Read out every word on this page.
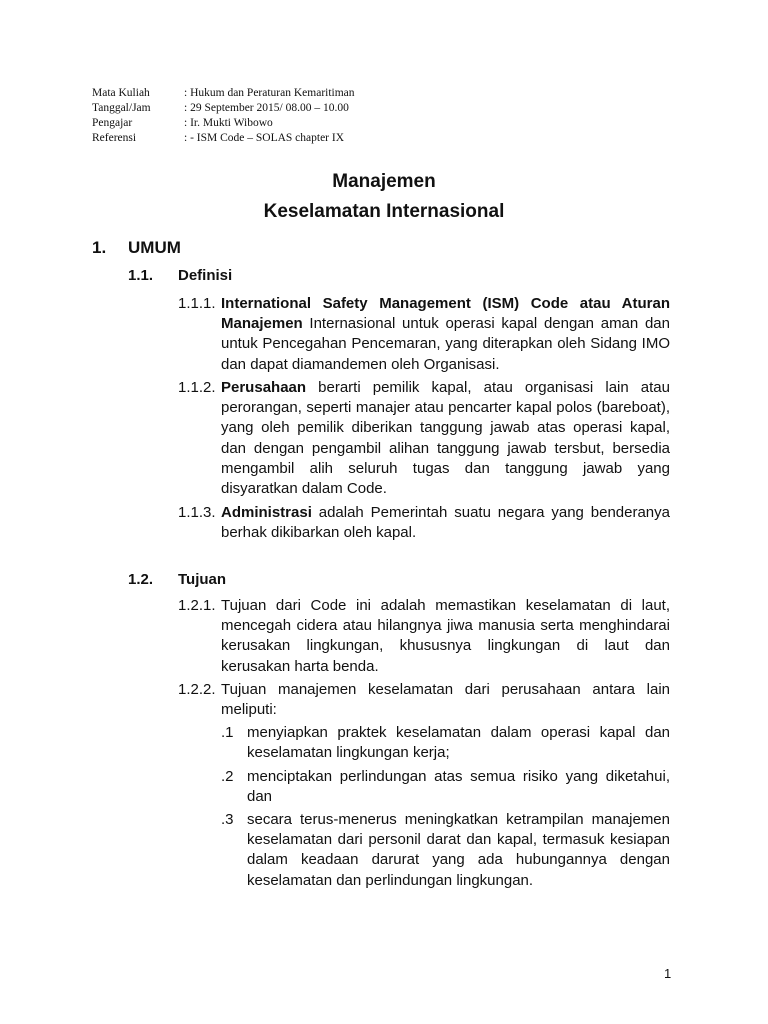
Mata Kuliah	: Hukum dan Peraturan Kemaritiman
Tanggal/Jam	: 29 September 2015/ 08.00 – 10.00
Pengajar	: Ir. Mukti Wibowo
Referensi	: - ISM Code – SOLAS chapter IX
Manajemen
Keselamatan Internasional
1. UMUM
1.1. Definisi
1.1.1. International Safety Management (ISM) Code atau Aturan Manajemen Internasional untuk operasi kapal dengan aman dan untuk Pencegahan Pencemaran, yang diterapkan oleh Sidang IMO dan dapat diamandemen oleh Organisasi.
1.1.2. Perusahaan berarti pemilik kapal, atau organisasi lain atau perorangan, seperti manajer atau pencarter kapal polos (bareboat), yang oleh pemilik diberikan tanggung jawab atas operasi kapal, dan dengan pengambil alihan tanggung jawab tersbut, bersedia mengambil alih seluruh tugas dan tanggung jawab yang disyaratkan dalam Code.
1.1.3. Administrasi adalah Pemerintah suatu negara yang benderanya berhak dikibarkan oleh kapal.
1.2. Tujuan
1.2.1. Tujuan dari Code ini adalah memastikan keselamatan di laut, mencegah cidera atau hilangnya jiwa manusia serta menghindarai kerusakan lingkungan, khususnya lingkungan di laut dan kerusakan harta benda.
1.2.2. Tujuan manajemen keselamatan dari perusahaan antara lain meliputi:
.1 menyiapkan praktek keselamatan dalam operasi kapal dan keselamatan lingkungan kerja;
.2 menciptakan perlindungan atas semua risiko yang diketahui, dan
.3 secara terus-menerus meningkatkan ketrampilan manajemen keselamatan dari personil darat dan kapal, termasuk kesiapan dalam keadaan darurat yang ada hubungannya dengan keselamatan dan perlindungan lingkungan.
1
